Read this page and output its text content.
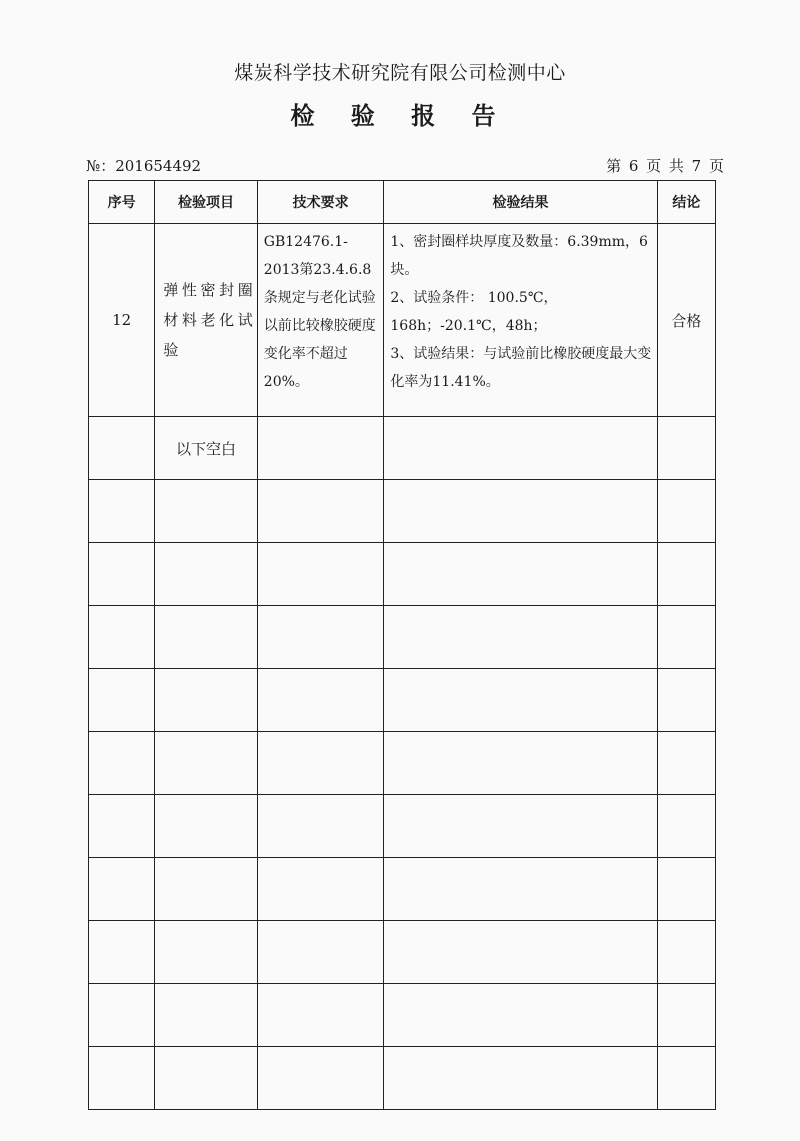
煤炭科学技术研究院有限公司检测中心
检 验 报 告
№：201654492	第 6 页 共 7 页
序号	检验项目	技术要求	检验结果	结论
12	弹性密封圈材料老化试验	GB12476.1-2013第23.4.6.8条规定与老化试验以前比较橡胶硬度变化率不超过20%。	1、密封圈样块厚度及数量：6.39mm，6块。
2、试验条件： 100.5℃， 168h；-20.1℃，48h；
3、试验结果：与试验前比橡胶硬度最大变化率为11.41%。	合格
	以下空白			
